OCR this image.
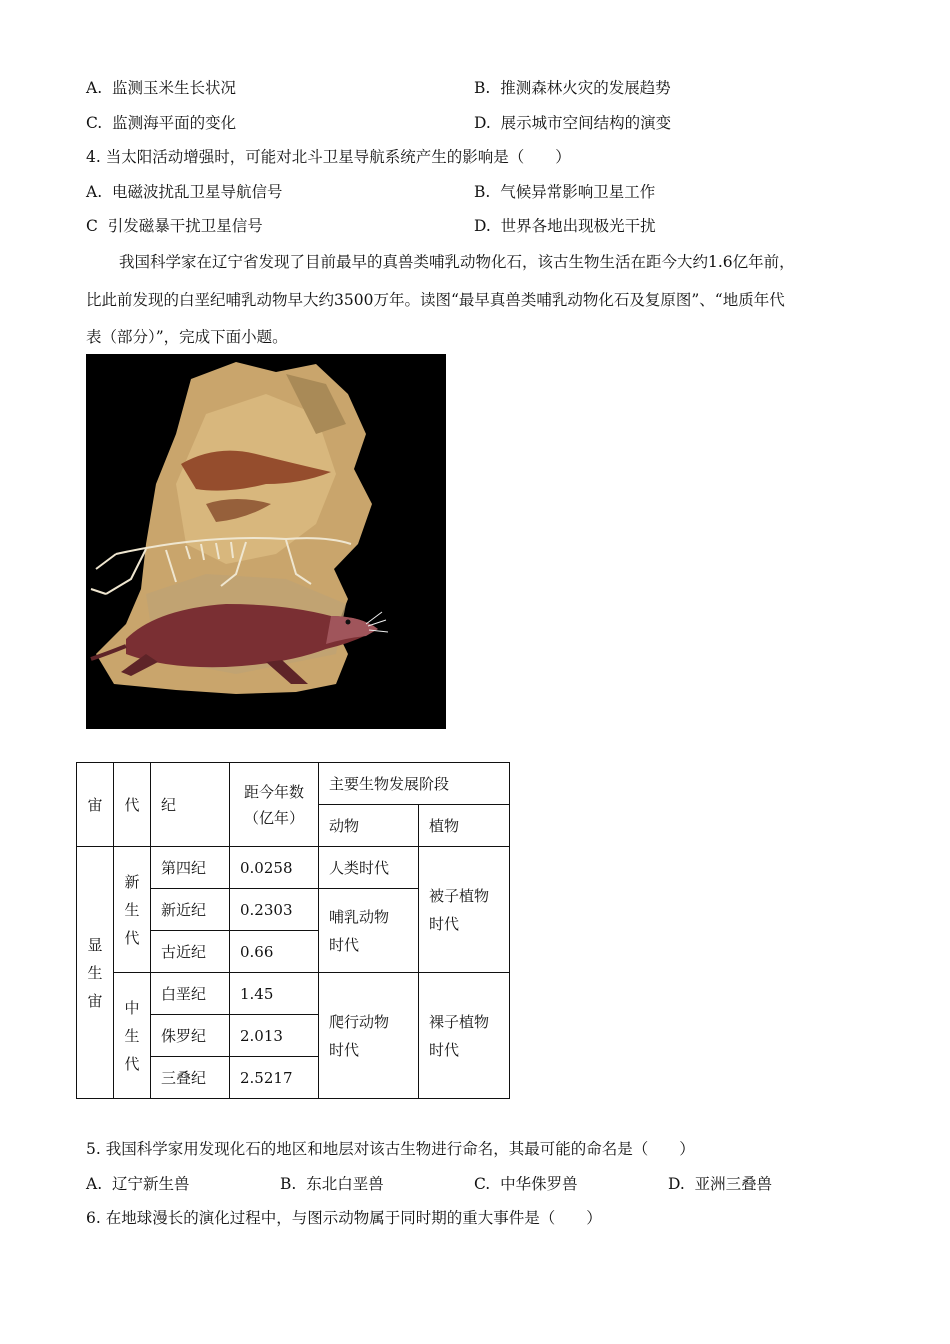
A. 监测玉米生长状况	B. 推测森林火灾的发展趋势
C. 监测海平面的变化	D. 展示城市空间结构的演变
4. 当太阳活动增强时，可能对北斗卫星导航系统产生的影响是（　　）
A. 电磁波扰乱卫星导航信号	B. 气候异常影响卫星工作
C 引发磁暴干扰卫星信号	D. 世界各地出现极光干扰
我国科学家在辽宁省发现了目前最早的真兽类哺乳动物化石，该古生物生活在距今大约1.6亿年前，
比此前发现的白垩纪哺乳动物早大约3500万年。读图“最早真兽类哺乳动物化石及复原图”、“地质年代
表（部分）”，完成下面小题。
宙	代	纪	距今年数（亿年）	主要生物发展阶段	
				动物	植物

显生宙	新生代	第四纪	0.0258	人类时代	被子植物时代

		新近纪	0.2303	哺乳动物时代	

		古近纪	0.66		

	中生代	白垩纪	1.45	爬行动物时代	裸子植物时代

		侏罗纪	2.013		
		三叠纪	2.5217		
5. 我国科学家用发现化石的地区和地层对该古生物进行命名，其最可能的命名是（　　）
A. 辽宁新生兽	B. 东北白垩兽	C. 中华侏罗兽	D. 亚洲三叠兽
6. 在地球漫长的演化过程中，与图示动物属于同时期的重大事件是（　　）
